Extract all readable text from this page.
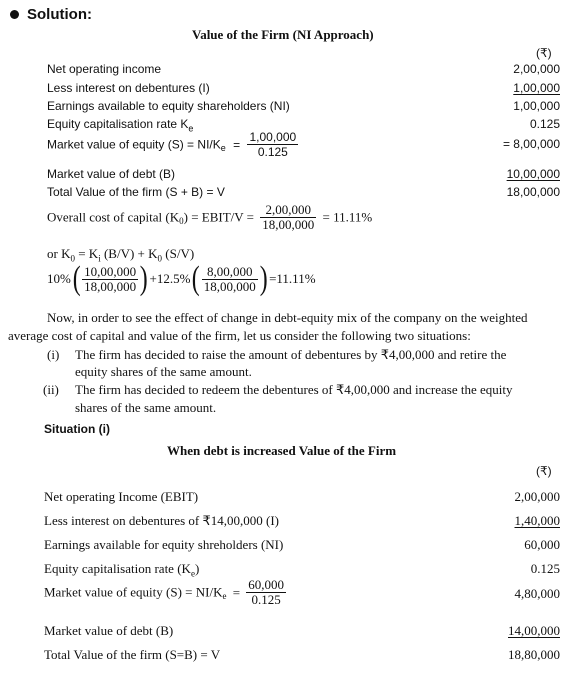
Solution:
Value of the Firm (NI Approach)
(₹)
Net operating income	2,00,000
Less interest on debentures (I)	1,00,000
Earnings available to equity shareholders (NI)	1,00,000
Equity capitalisation rate $K_e$	0.125
Market value of equity $(S) = NI/K_e = \frac{1,00,000}{0.125}$	= 8,00,000
Market value of debt (B)	10,00,000
Total Value of the firm (S + B) = V	18,00,000
Overall cost of capital $(K_0)$ = EBIT/V = $\frac{2,00,000}{18,00,000} = 11.11\%$
or $K_0 = K_i$ $(B/V) + K_0$ (S/V)
$10\%( \frac{10,00,000}{18,00,000}$ ) $+12.5\%( \frac{8,00,000}{18,00,000}$ ) =11.11%
Now, in order to see the effect of change in debt-equity mix of the company on the weighted
average cost of capital and value of the firm, let us consider the following two situations:
(i) The firm has decided to raise the amount of debentures by ₹4,00,000 and retire the
equity shares of the same amount.
(ii) The firm has decided to redeem the debentures of ₹4,00,000 and increase the equity
shares of the same amount.
Situation (i)
When debt is increased Value of the Firm
(₹)
Net operating Income (EBIT)	2,00,000
Less interest on debentures of ₹14,00,000 (I)	1,40,000
Earnings available for equity shreholders (NI)	60,000
Equity capitalisation rate $(K_e)$	0.125
Market value of equity $(S) = NI/K_e = \frac{60,000}{0.125}$	4,80,000
Market value of debt (B)	14,00,000
Total Value of the firm (S=B) = V	18,80,000
